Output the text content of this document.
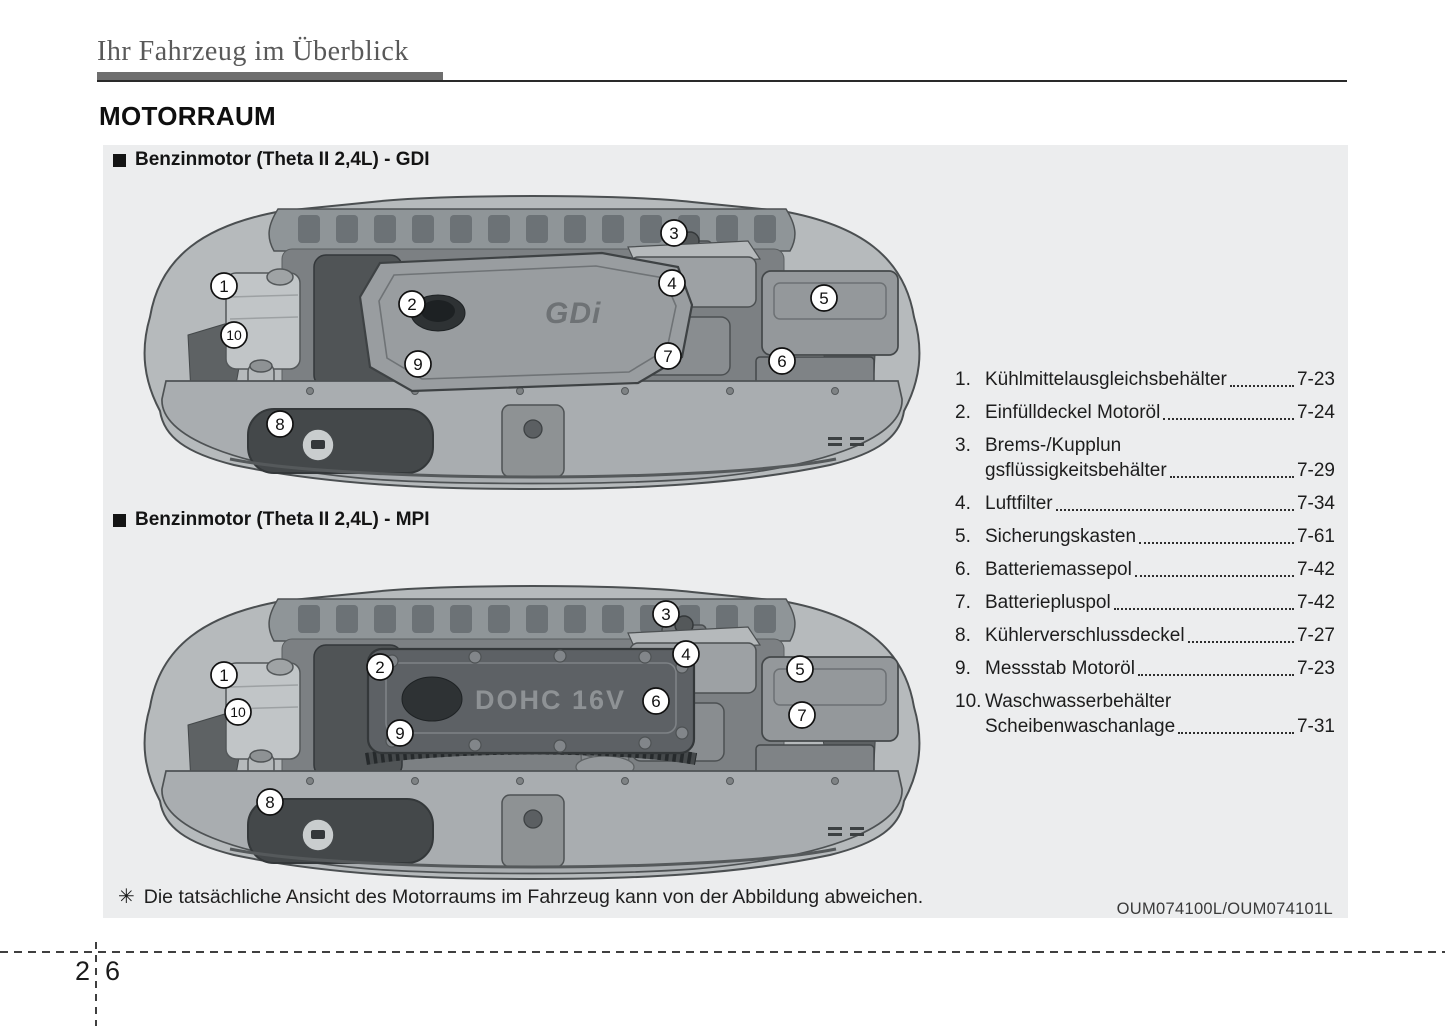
Ihr Fahrzeug im Überblick
MOTORRAUM
Benzinmotor (Theta II 2,4L) - GDI
GDi
1
2
3
4
5
6
7
8
9
10
Benzinmotor (Theta II 2,4L) - MPI
DOHC 16V
1	2
3
4
5
6
7
8
9
10
1. Kühlmittelausgleichsbehälter	7-23
2. Einfülldeckel Motoröl	7-24
3. Brems-/Kupplun
gsflüssigkeitsbehälter	7-29
4. Luftfilter	7-34
5. Sicherungskasten	7-61
6. Batteriemassepol	7-42
7. Batteriepluspol	7-42
8. Kühlerverschlussdeckel	7-27
9. Messstab Motoröl	7-23
10. Waschwasserbehälter
Scheibenwaschanlage	7-31
✳ Die tatsächliche Ansicht des Motorraums im Fahrzeug kann von der Abbildung abweichen.
OUM074100L/OUM074101L
2 6
